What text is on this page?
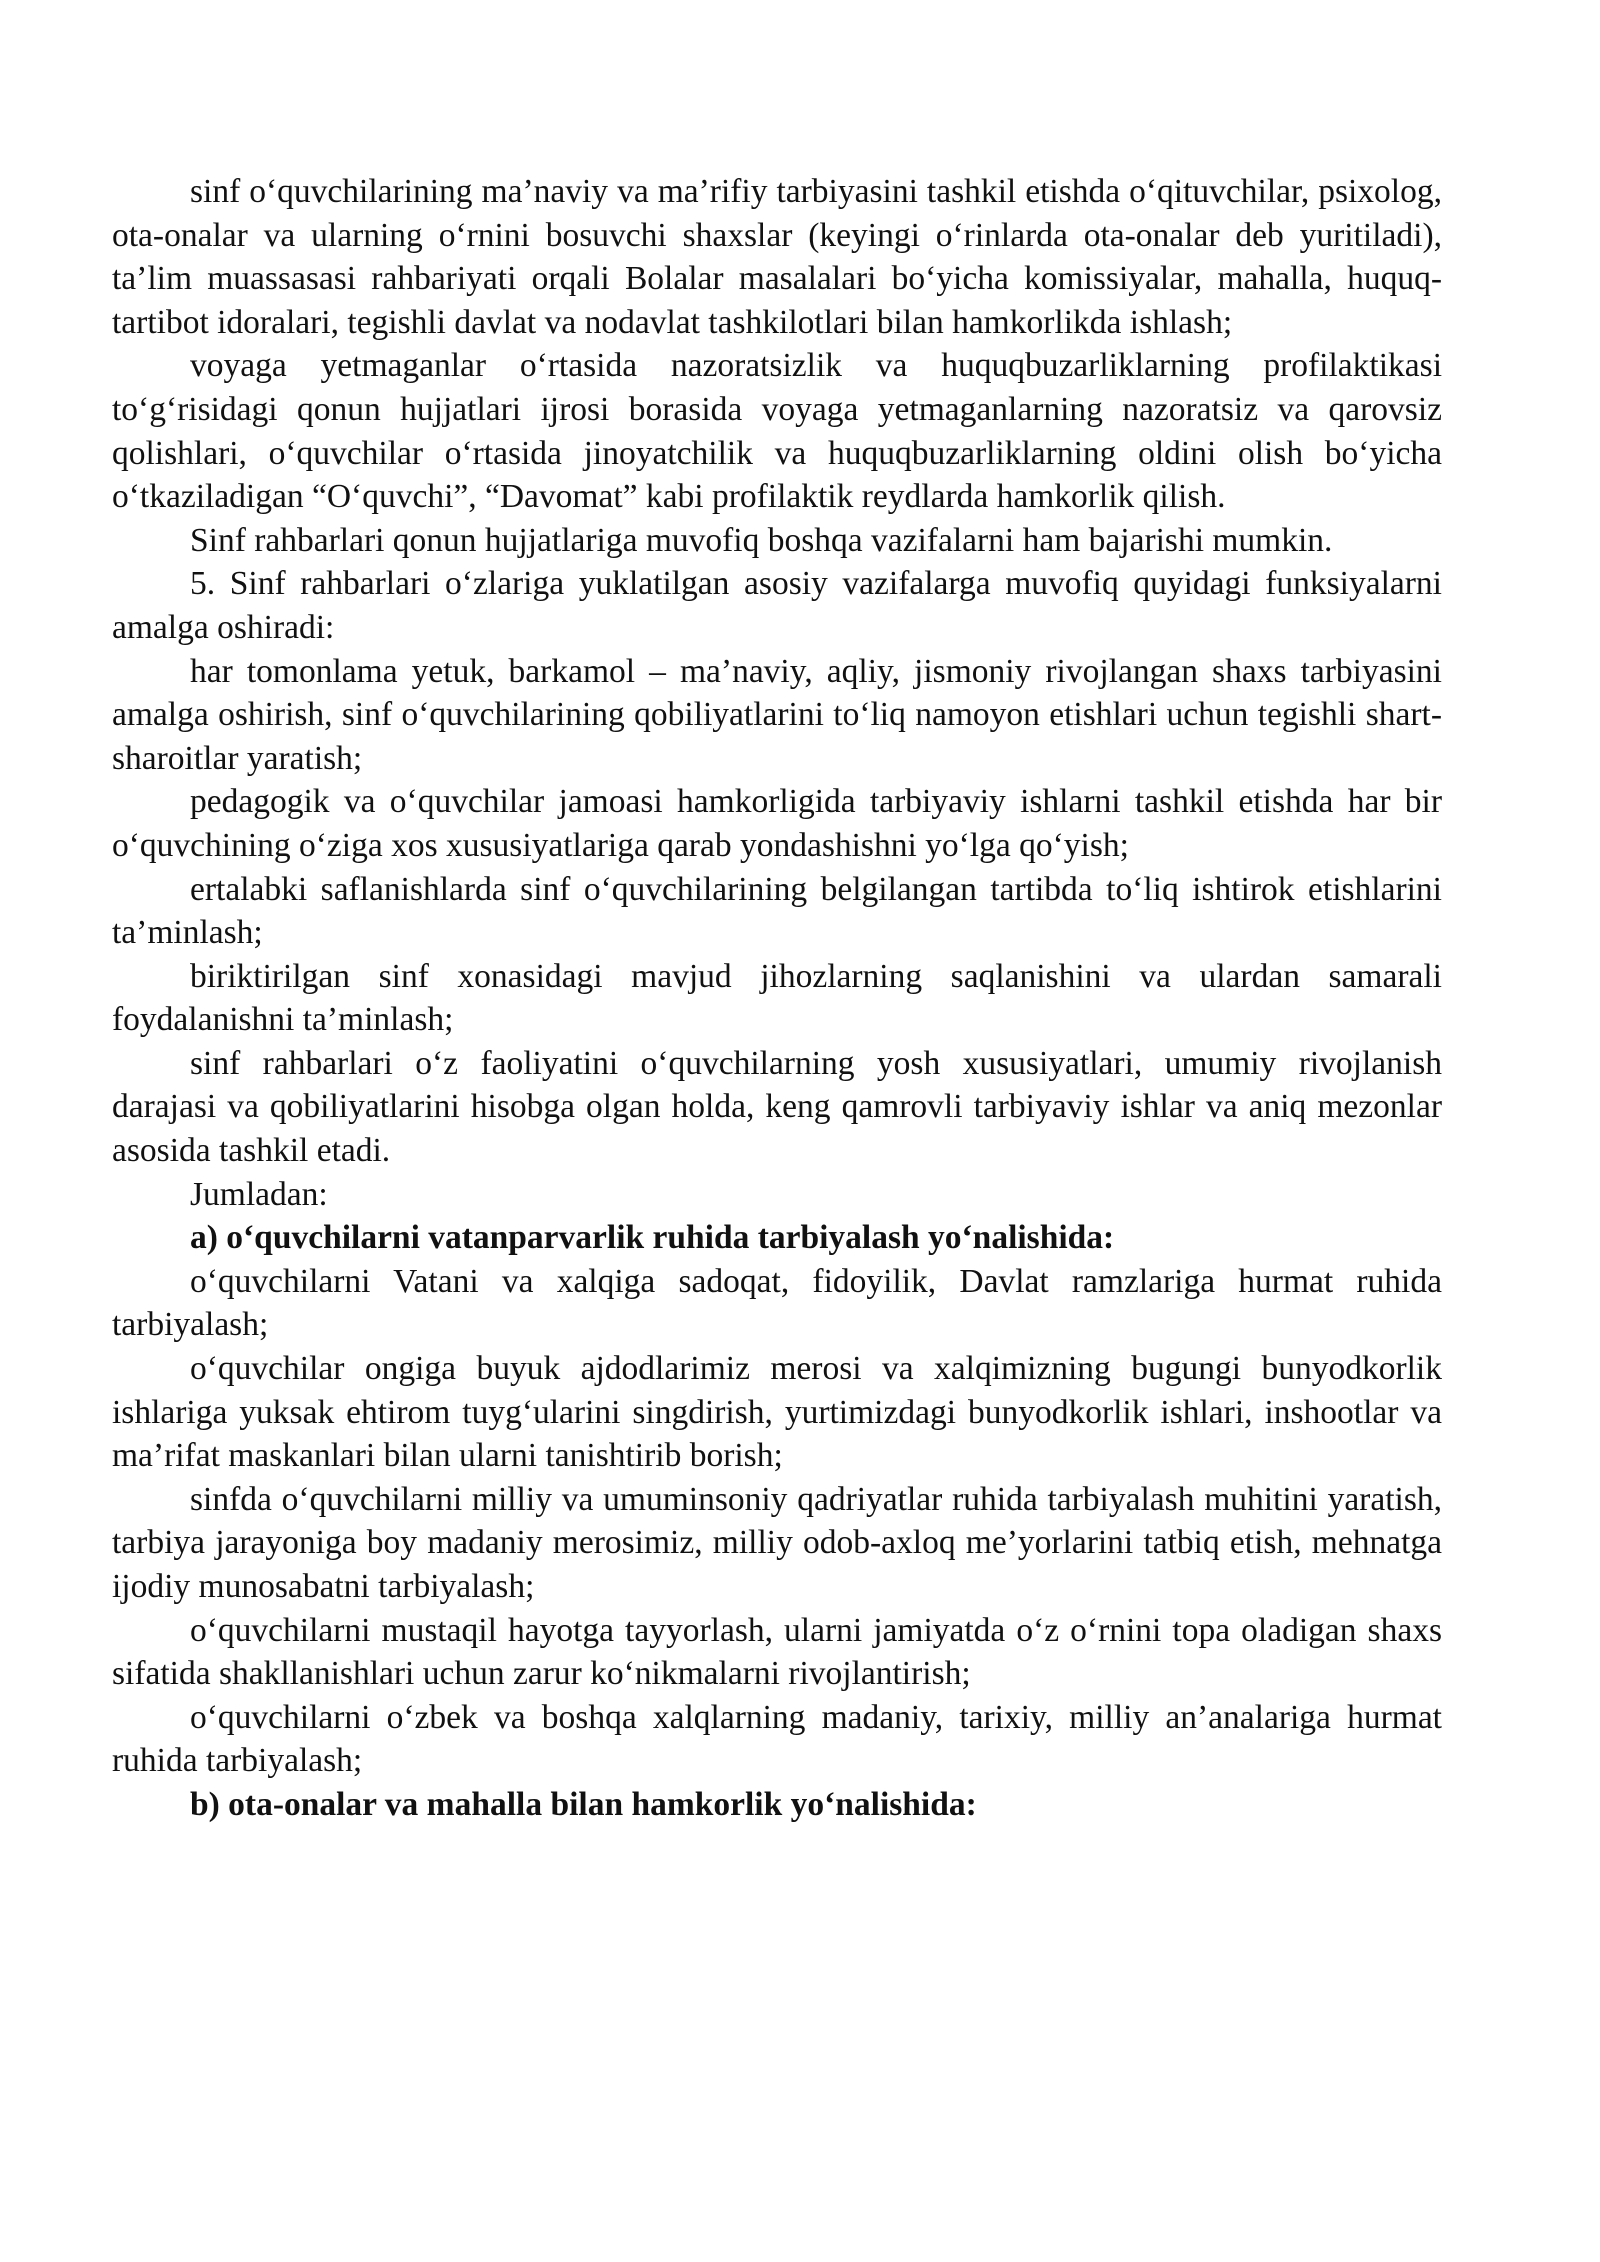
sinf o‘quvchilarining ma’naviy va ma’rifiy tarbiyasini tashkil etishda o‘qituvchilar, psixolog, ota-onalar va ularning o‘rnini bosuvchi shaxslar (keyingi o‘rinlarda ota-onalar deb yuritiladi), ta’lim muassasasi rahbariyati orqali Bolalar masalalari bo‘yicha komissiyalar, mahalla, huquq-tartibot idoralari, tegishli davlat va nodavlat tashkilotlari bilan hamkorlikda ishlash;

voyaga yetmaganlar o‘rtasida nazoratsizlik va huquqbuzarliklarning profilaktikasi to‘g‘risidagi qonun hujjatlari ijrosi borasida voyaga yetmaganlarning nazoratsiz va qarovsiz qolishlari, o‘quvchilar o‘rtasida jinoyatchilik va huquqbuzarliklarning oldini olish bo‘yicha o‘tkaziladigan “O‘quvchi”, “Davomat” kabi profilaktik reydlarda hamkorlik qilish.

Sinf rahbarlari qonun hujjatlariga muvofiq boshqa vazifalarni ham bajarishi mumkin.

5. Sinf rahbarlari o‘zlariga yuklatilgan asosiy vazifalarga muvofiq quyidagi funksiyalarni amalga oshiradi:

har tomonlama yetuk, barkamol – ma’naviy, aqliy, jismoniy rivojlangan shaxs tarbiyasini amalga oshirish, sinf o‘quvchilarining qobiliyatlarini to‘liq namoyon etishlari uchun tegishli shart-sharoitlar yaratish;

pedagogik va o‘quvchilar jamoasi hamkorligida tarbiyaviy ishlarni tashkil etishda har bir o‘quvchining o‘ziga xos xususiyatlariga qarab yondashishni yo‘lga qo‘yish;

ertalabki saflanishlarda sinf o‘quvchilarining belgilangan tartibda to‘liq ishtirok etishlarini ta’minlash;

biriktirilgan sinf xonasidagi mavjud jihozlarning saqlanishini va ulardan samarali foydalanishni ta’minlash;

sinf rahbarlari o‘z faoliyatini o‘quvchilarning yosh xususiyatlari, umumiy rivojlanish darajasi va qobiliyatlarini hisobga olgan holda, keng qamrovli tarbiyaviy ishlar va aniq mezonlar asosida tashkil etadi.

Jumladan:

a) o‘quvchilarni vatanparvarlik ruhida tarbiyalash yo‘nalishida:

o‘quvchilarni Vatani va xalqiga sadoqat, fidoyilik, Davlat ramzlariga hurmat ruhida tarbiyalash;

o‘quvchilar ongiga buyuk ajdodlarimiz merosi va xalqimizning bugungi bunyodkorlik ishlariga yuksak ehtirom tuyg‘ularini singdirish, yurtimizdagi bunyodkorlik ishlari, inshootlar va ma’rifat maskanlari bilan ularni tanishtirib borish;

sinfda o‘quvchilarni milliy va umuminsoniy qadriyatlar ruhida tarbiyalash muhitini yaratish, tarbiya jarayoniga boy madaniy merosimiz, milliy odob-axloq me’yorlarini tatbiq etish, mehnatga ijodiy munosabatni tarbiyalash;

o‘quvchilarni mustaqil hayotga tayyorlash, ularni jamiyatda o‘z o‘rnini topa oladigan shaxs sifatida shakllanishlari uchun zarur ko‘nikmalarni rivojlantirish;

o‘quvchilarni o‘zbek va boshqa xalqlarning madaniy, tarixiy, milliy an’analariga hurmat ruhida tarbiyalash;

b) ota-onalar va mahalla bilan hamkorlik yo‘nalishida:
